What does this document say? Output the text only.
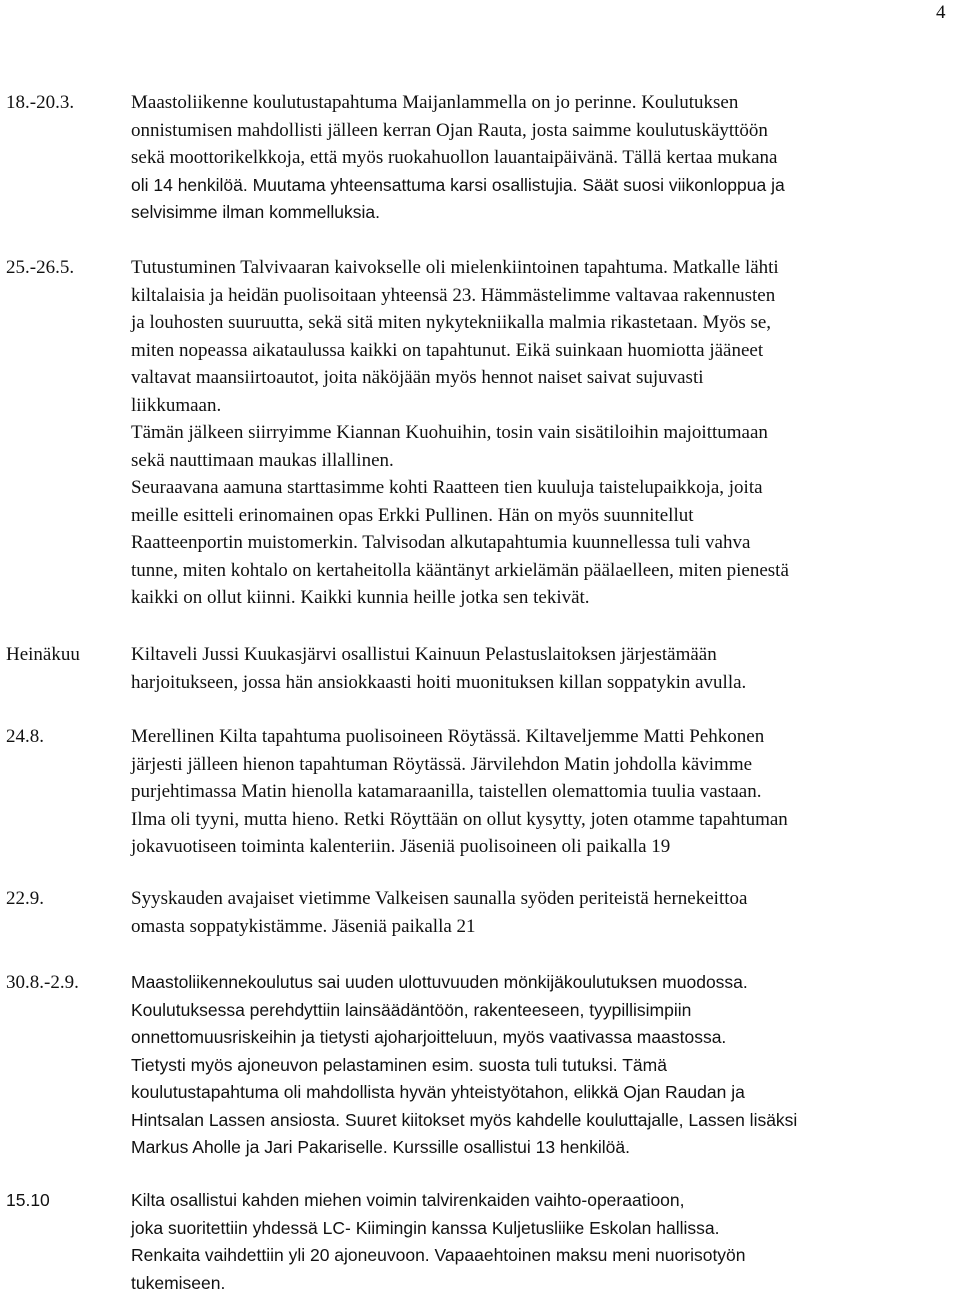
4
18.-20.3.	Maastoliikenne koulutustapahtuma Maijanlammella on jo perinne. Koulutuksen
onnistumisen mahdollisti jälleen kerran Ojan Rauta, josta saimme koulutuskäyttöön
sekä moottorikelkkoja, että myös ruokahuollon lauantaipäivänä. Tällä kertaa mukana
oli 14 henkilöä. Muutama yhteensattuma karsi osallistujia. Säät suosi viikonloppua ja
selvisimme ilman kommelluksia.
25.-26.5.	Tutustuminen Talvivaaran kaivokselle oli mielenkiintoinen tapahtuma. Matkalle lähti
kiltalaisia ja heidän puolisoitaan yhteensä 23. Hämmästelimme valtavaa rakennusten
ja louhosten suuruutta, sekä sitä miten nykytekniikalla malmia rikastetaan. Myös se,
miten nopeassa aikataulussa kaikki on tapahtunut. Eikä suinkaan huomiotta jääneet
valtavat maansiirtoautot, joita näköjään myös hennot naiset saivat sujuvasti
liikkumaan.
Tämän jälkeen siirryimme Kiannan Kuohuihin, tosin vain sisätiloihin majoittumaan
sekä nauttimaan maukas illallinen.
Seuraavana aamuna starttasimme kohti Raatteen tien kuuluja taistelupaikkoja, joita
meille esitteli erinomainen opas Erkki Pullinen. Hän on myös suunnitellut
Raatteenportin muistomerkin. Talvisodan alkutapahtumia kuunnellessa tuli vahva
tunne, miten kohtalo on kertaheitolla kääntänyt arkielämän päälaelleen, miten pienestä
kaikki on ollut kiinni. Kaikki kunnia heille jotka sen tekivät.
Heinäkuu	Kiltaveli Jussi Kuukasjärvi osallistui Kainuun Pelastuslaitoksen järjestämään
harjoitukseen, jossa hän ansiokkaasti hoiti muonituksen killan soppatykin avulla.
24.8.	Merellinen Kilta tapahtuma puolisoineen Röytässä. Kiltaveljemme Matti Pehkonen
järjesti jälleen hienon tapahtuman Röytässä. Järvilehdon Matin johdolla kävimme
purjehtimassa Matin hienolla katamaraanilla, taistellen olemattomia tuulia vastaan.
Ilma oli tyyni, mutta hieno. Retki Röyttään on ollut kysytty, joten otamme tapahtuman
jokavuotiseen toiminta kalenteriin. Jäseniä puolisoineen oli paikalla 19
22.9.	Syyskauden avajaiset vietimme Valkeisen saunalla syöden periteistä hernekeittoa
omasta soppatykistämme. Jäseniä paikalla 21
30.8.-2.9.	Maastoliikennekoulutus sai uuden ulottuvuuden mönkijäkoulutuksen muodossa.
Koulutuksessa perehdyttiin lainsäädäntöön, rakenteeseen, tyypillisimpiin
onnettomuusriskeihin ja tietysti ajoharjoitteluun, myös vaativassa maastossa.
Tietysti myös ajoneuvon pelastaminen esim. suosta tuli tutuksi. Tämä
koulutustapahtuma oli mahdollista hyvän yhteistyötahon, elikkä Ojan Raudan ja
Hintsalan Lassen ansiosta. Suuret kiitokset myös kahdelle kouluttajalle, Lassen lisäksi
Markus Aholle ja Jari Pakariselle. Kurssille osallistui 13 henkilöä.
15.10	Kilta osallistui kahden miehen voimin talvirenkaiden vaihto-operaatioon,
joka suoritettiin yhdessä LC- Kiimingin kanssa Kuljetusliike Eskolan hallissa.
Renkaita vaihdettiin yli 20 ajoneuvoon. Vapaaehtoinen maksu meni nuorisotyön
tukemiseen.
